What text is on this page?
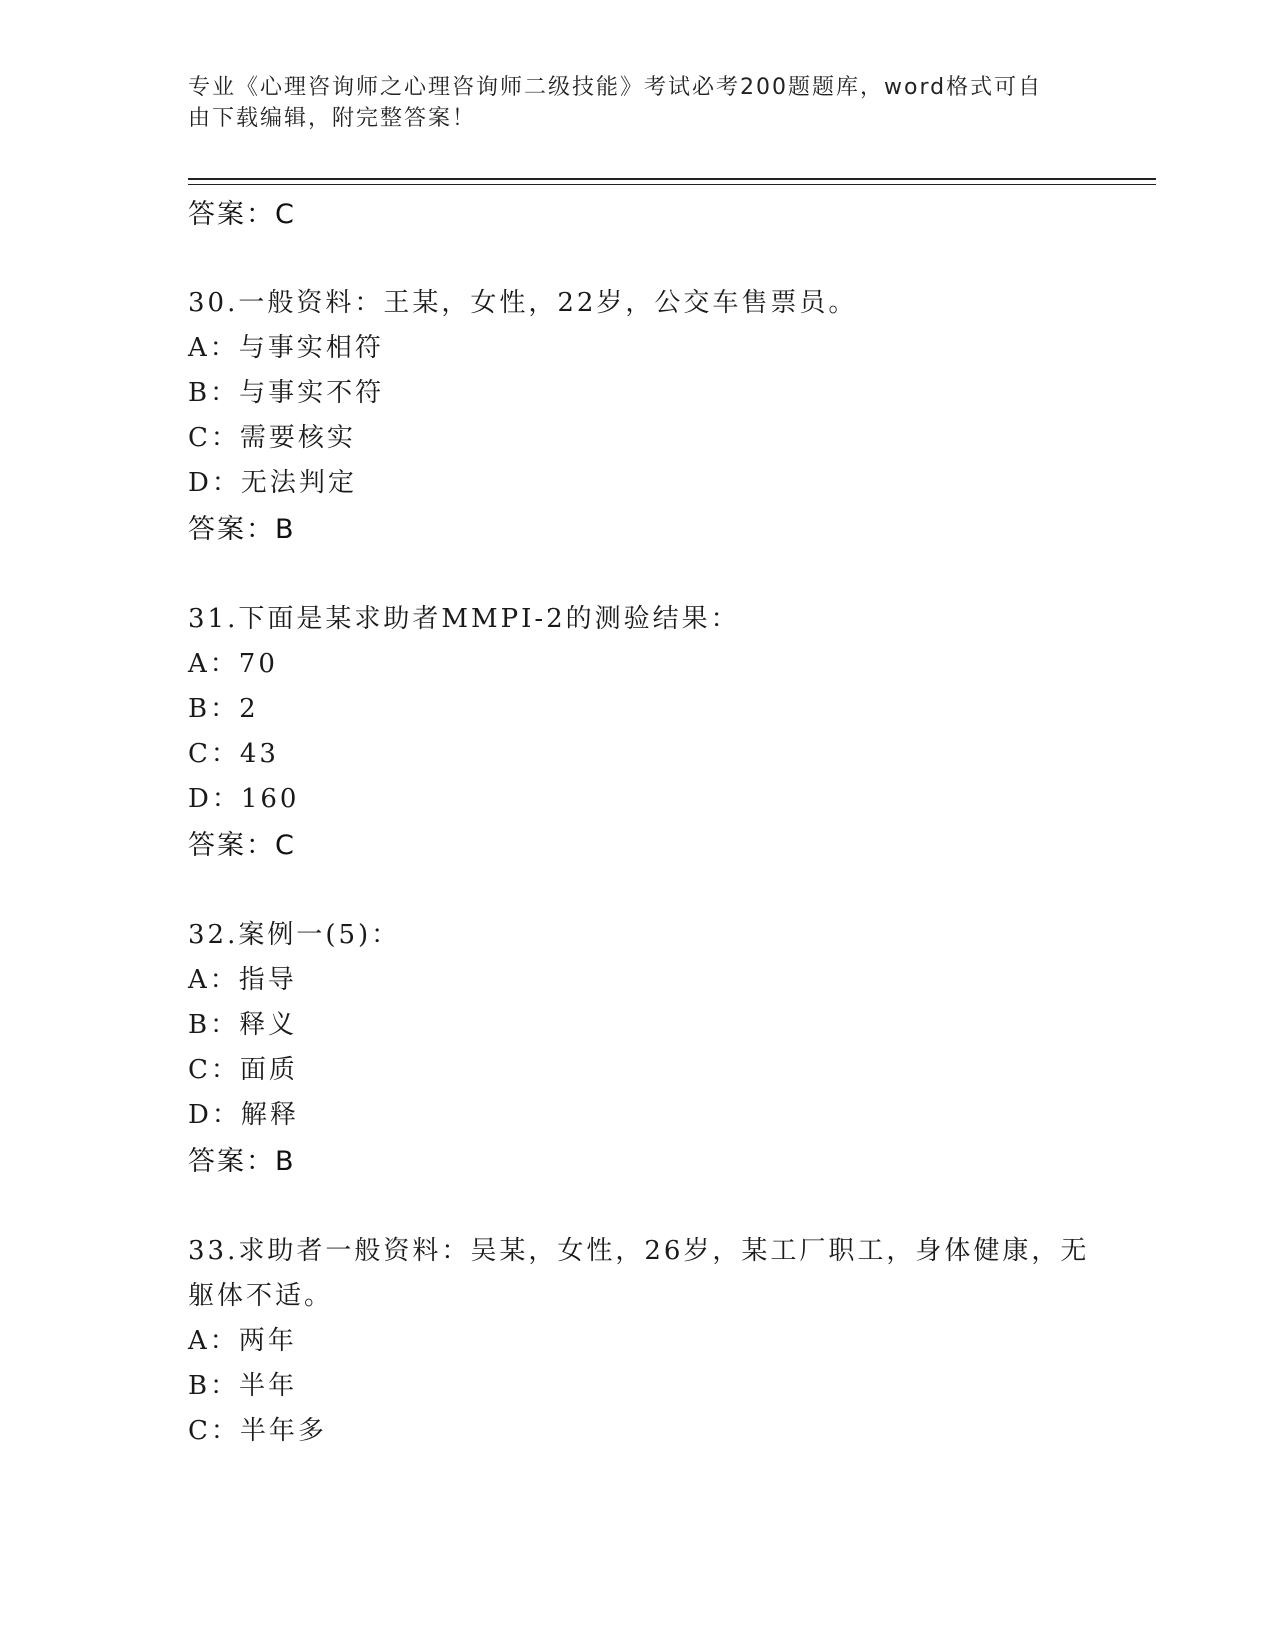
专业《心理咨询师之心理咨询师二级技能》考试必考200题题库，word格式可自
由下载编辑，附完整答案！
答案：C
30.一般资料：王某，女性，22岁，公交车售票员。
A：与事实相符
B：与事实不符
C：需要核实
D：无法判定
答案：B
31.下面是某求助者MMPI-2的测验结果：
A：70
B：2
C：43
D：160
答案：C
32.案例一(5)：
A：指导
B：释义
C：面质
D：解释
答案：B
33.求助者一般资料：吴某，女性，26岁，某工厂职工，身体健康，无
躯体不适。
A：两年
B：半年
C：半年多
